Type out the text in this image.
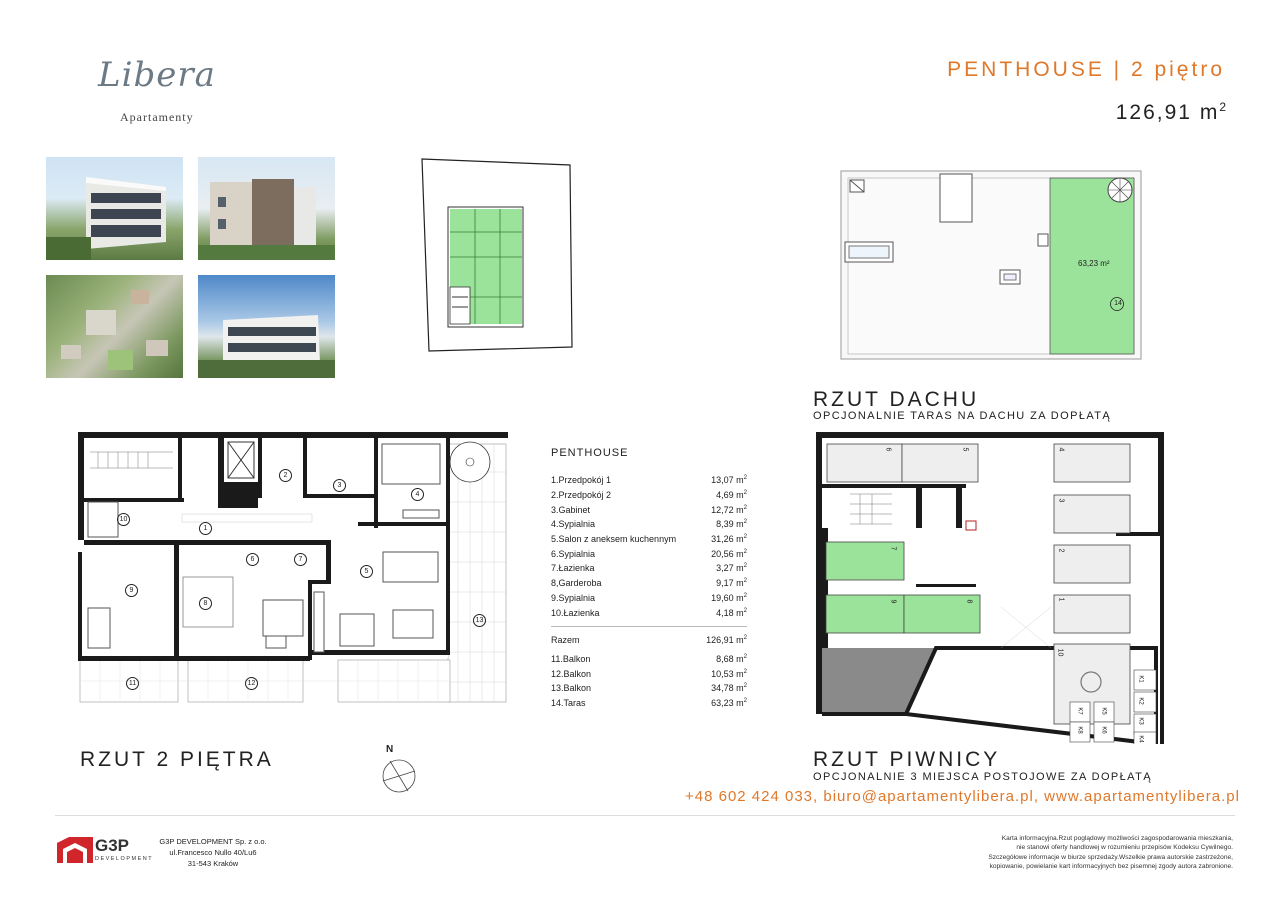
Libera
Apartamenty
PENTHOUSE | 2 piętro
126,91 $m^2$
63,23 m²
14
RZUT DACHU
OPCJONALNIE TARAS NA DACHU ZA DOPŁATĄ
1
2
3
4
5
6	7
8
9
10
11	12
13
RZUT 2 PIĘTRA	N
PENTHOUSE
1.Przedpokój 1	13,07 $m^2$
2.Przedpokój 2	4,69 $m^2$
3.Gabinet	12,72 $m^2$
4.Sypialnia	8,39 $m^2$
5.Salon z aneksem kuchennym	31,26 $m^2$
6.Sypialnia	20,56 $m^2$
7.Łazienka	3,27 $m^2$
8,Garderoba	9,17 $m^2$
9.Sypialnia	19,60 $m^2$
10.Łazienka	4,18 $m^2$
Razem	126,91 $m^2$
11.Balkon	8,68 $m^2$
12.Balkon	10,53 $m^2$
13.Balkon	34,78 $m^2$
14.Taras	63,23 $m^2$
6	5	4
3
2
1
7
9	8
10
K1
K2
K3
K4
K5
K6
K7
K8
RZUT PIWNICY
OPCJONALNIE 3 MIEJSCA POSTOJOWE ZA DOPŁATĄ
+48 602 424 033, biuro@apartamentylibera.pl, www.apartamentylibera.pl
G3P
DEVELOPMENT
G3P DEVELOPMENT Sp. z o.o.
ul.Francesco Nullo 40/Lu6
31-543 Kraków
Karta informacyjna.Rzut poglądowy możliwości zagospodarowania mieszkania,
nie stanowi oferty handlowej w rozumieniu przepisów Kodeksu Cywilnego.
Szczegółowe informacje w biurze sprzedaży.Wszelkie prawa autorskie zastrzeżone,
kopiowanie, powielanie kart informacyjnych bez pisemnej zgody autora zabronione.
